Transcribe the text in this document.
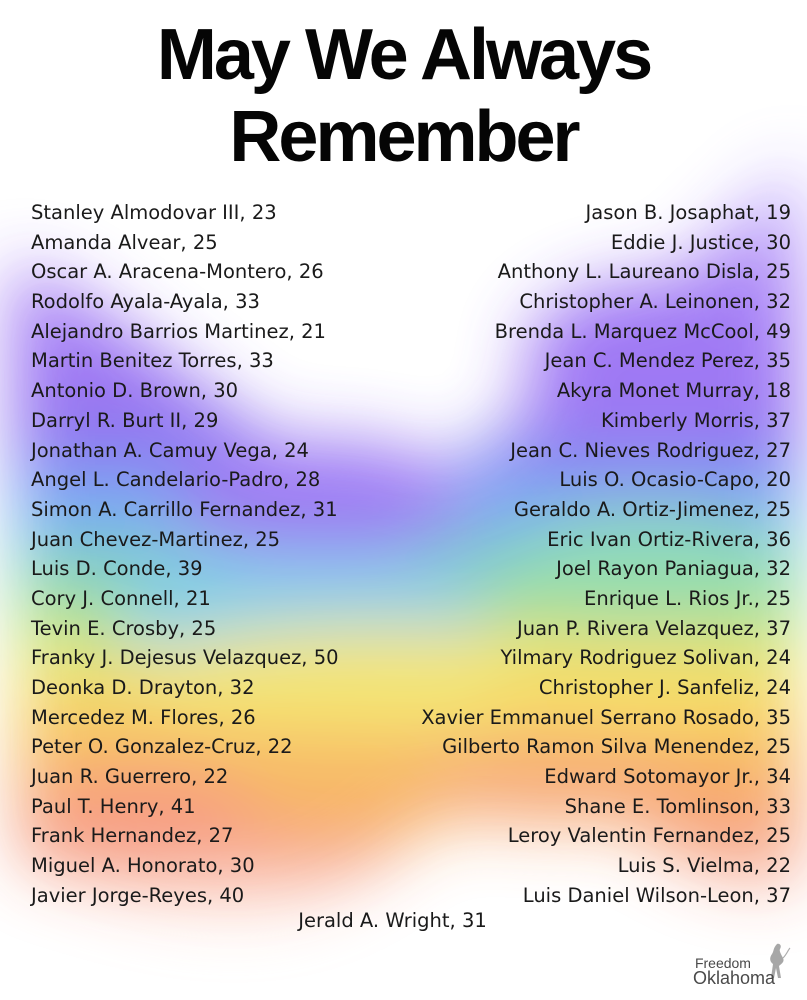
May We Always
Remember
Stanley Almodovar III, 23
Amanda Alvear, 25
Oscar A. Aracena-Montero, 26
Rodolfo Ayala-Ayala, 33
Alejandro Barrios Martinez, 21
Martin Benitez Torres, 33
Antonio D. Brown, 30
Darryl R. Burt II, 29
Jonathan A. Camuy Vega, 24
Angel L. Candelario-Padro, 28
Simon A. Carrillo Fernandez, 31
Juan Chevez-Martinez, 25
Luis D. Conde, 39
Cory J. Connell, 21
Tevin E. Crosby, 25
Franky J. Dejesus Velazquez, 50
Deonka D. Drayton, 32
Mercedez M. Flores, 26
Peter O. Gonzalez-Cruz, 22
Juan R. Guerrero, 22
Paul T. Henry, 41
Frank Hernandez, 27
Miguel A. Honorato, 30
Javier Jorge-Reyes, 40
Jason B. Josaphat, 19
Eddie J. Justice, 30
Anthony L. Laureano Disla, 25
Christopher A. Leinonen, 32
Brenda L. Marquez McCool, 49
Jean C. Mendez Perez, 35
Akyra Monet Murray, 18
Kimberly Morris, 37
Jean C. Nieves Rodriguez, 27
Luis O. Ocasio-Capo, 20
Geraldo A. Ortiz-Jimenez, 25
Eric Ivan Ortiz-Rivera, 36
Joel Rayon Paniagua, 32
Enrique L. Rios Jr., 25
Juan P. Rivera Velazquez, 37
Yilmary Rodriguez Solivan, 24
Christopher J. Sanfeliz, 24
Xavier Emmanuel Serrano Rosado, 35
Gilberto Ramon Silva Menendez, 25
Edward Sotomayor Jr., 34
Shane E. Tomlinson, 33
Leroy Valentin Fernandez, 25
Luis S. Vielma, 22
Luis Daniel Wilson-Leon, 37
Jerald A. Wright, 31
Freedom
Oklahoma
